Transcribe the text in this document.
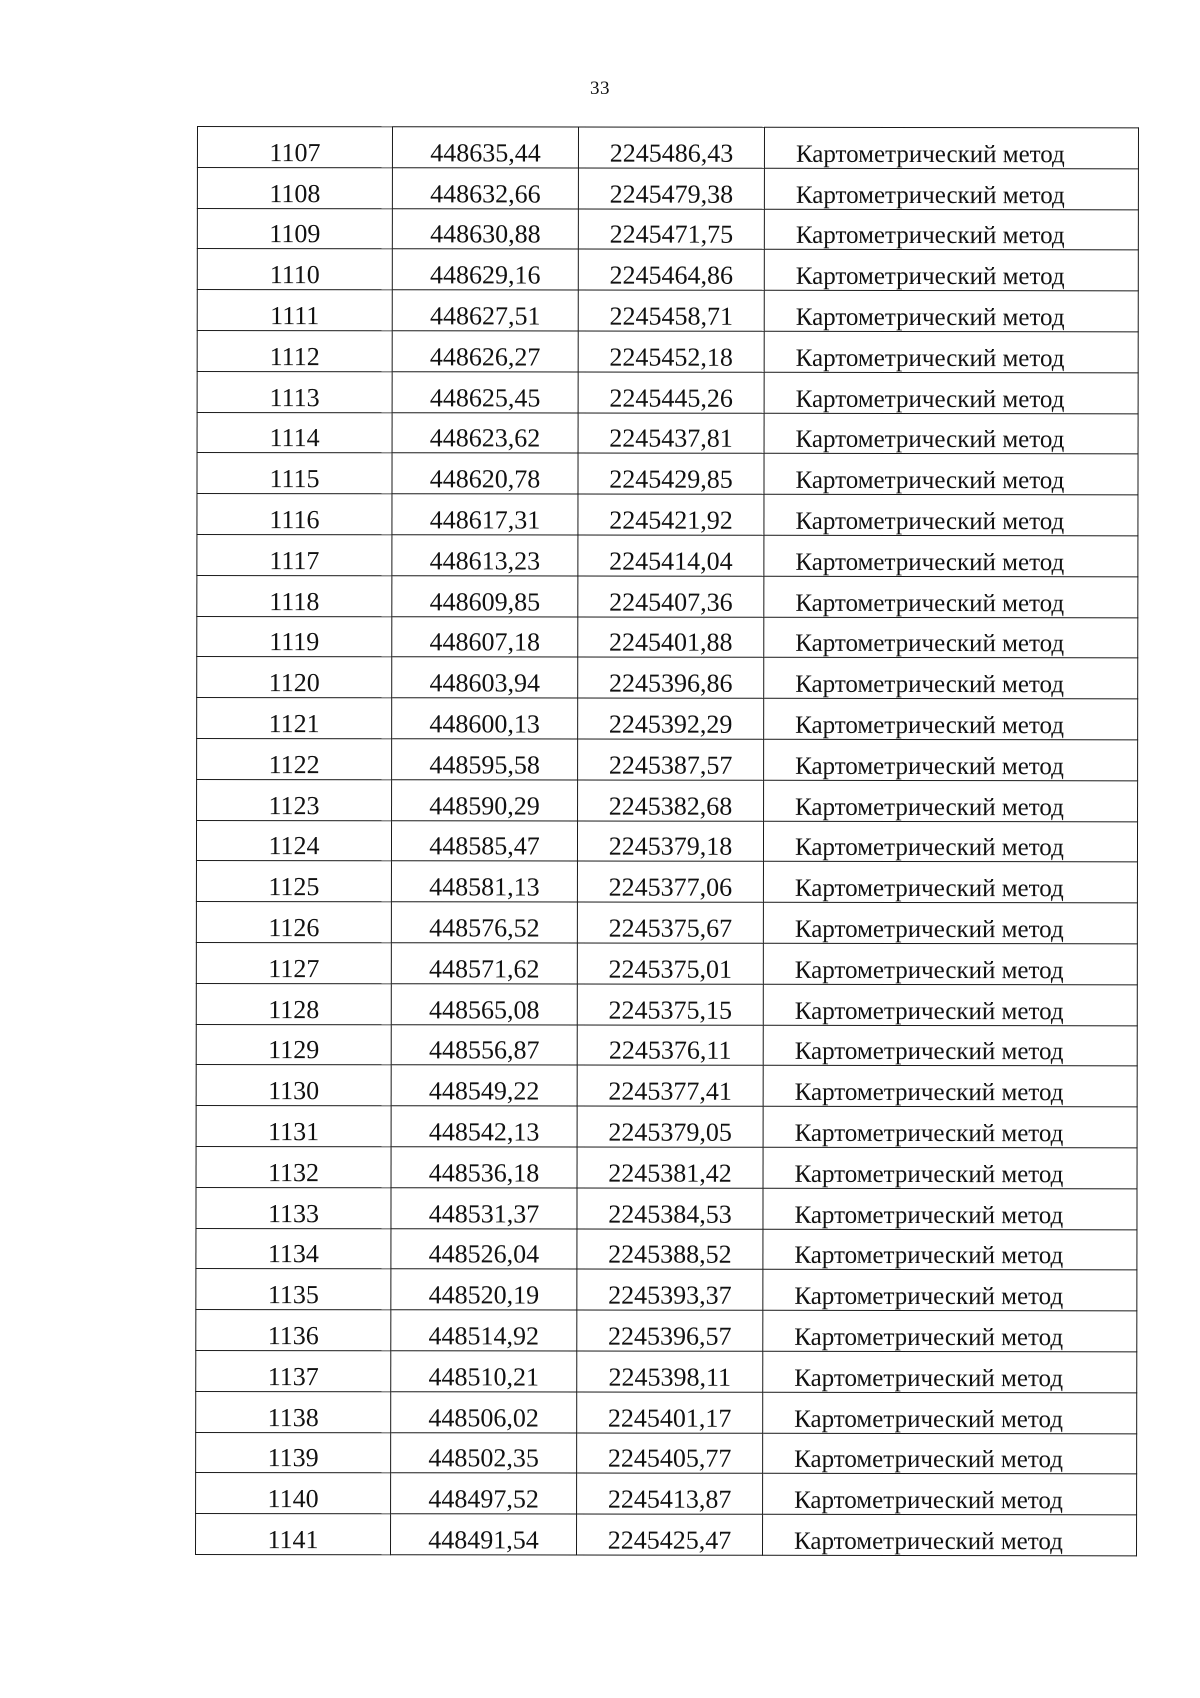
33
1107	448635,44	2245486,43	Картометрический метод
1108	448632,66	2245479,38	Картометрический метод
1109	448630,88	2245471,75	Картометрический метод
1110	448629,16	2245464,86	Картометрический метод
1111	448627,51	2245458,71	Картометрический метод
1112	448626,27	2245452,18	Картометрический метод
1113	448625,45	2245445,26	Картометрический метод
1114	448623,62	2245437,81	Картометрический метод
1115	448620,78	2245429,85	Картометрический метод
1116	448617,31	2245421,92	Картометрический метод
1117	448613,23	2245414,04	Картометрический метод
1118	448609,85	2245407,36	Картометрический метод
1119	448607,18	2245401,88	Картометрический метод
1120	448603,94	2245396,86	Картометрический метод
1121	448600,13	2245392,29	Картометрический метод
1122	448595,58	2245387,57	Картометрический метод
1123	448590,29	2245382,68	Картометрический метод
1124	448585,47	2245379,18	Картометрический метод
1125	448581,13	2245377,06	Картометрический метод
1126	448576,52	2245375,67	Картометрический метод
1127	448571,62	2245375,01	Картометрический метод
1128	448565,08	2245375,15	Картометрический метод
1129	448556,87	2245376,11	Картометрический метод
1130	448549,22	2245377,41	Картометрический метод
1131	448542,13	2245379,05	Картометрический метод
1132	448536,18	2245381,42	Картометрический метод
1133	448531,37	2245384,53	Картометрический метод
1134	448526,04	2245388,52	Картометрический метод
1135	448520,19	2245393,37	Картометрический метод
1136	448514,92	2245396,57	Картометрический метод
1137	448510,21	2245398,11	Картометрический метод
1138	448506,02	2245401,17	Картометрический метод
1139	448502,35	2245405,77	Картометрический метод
1140	448497,52	2245413,87	Картометрический метод
1141	448491,54	2245425,47	Картометрический метод
